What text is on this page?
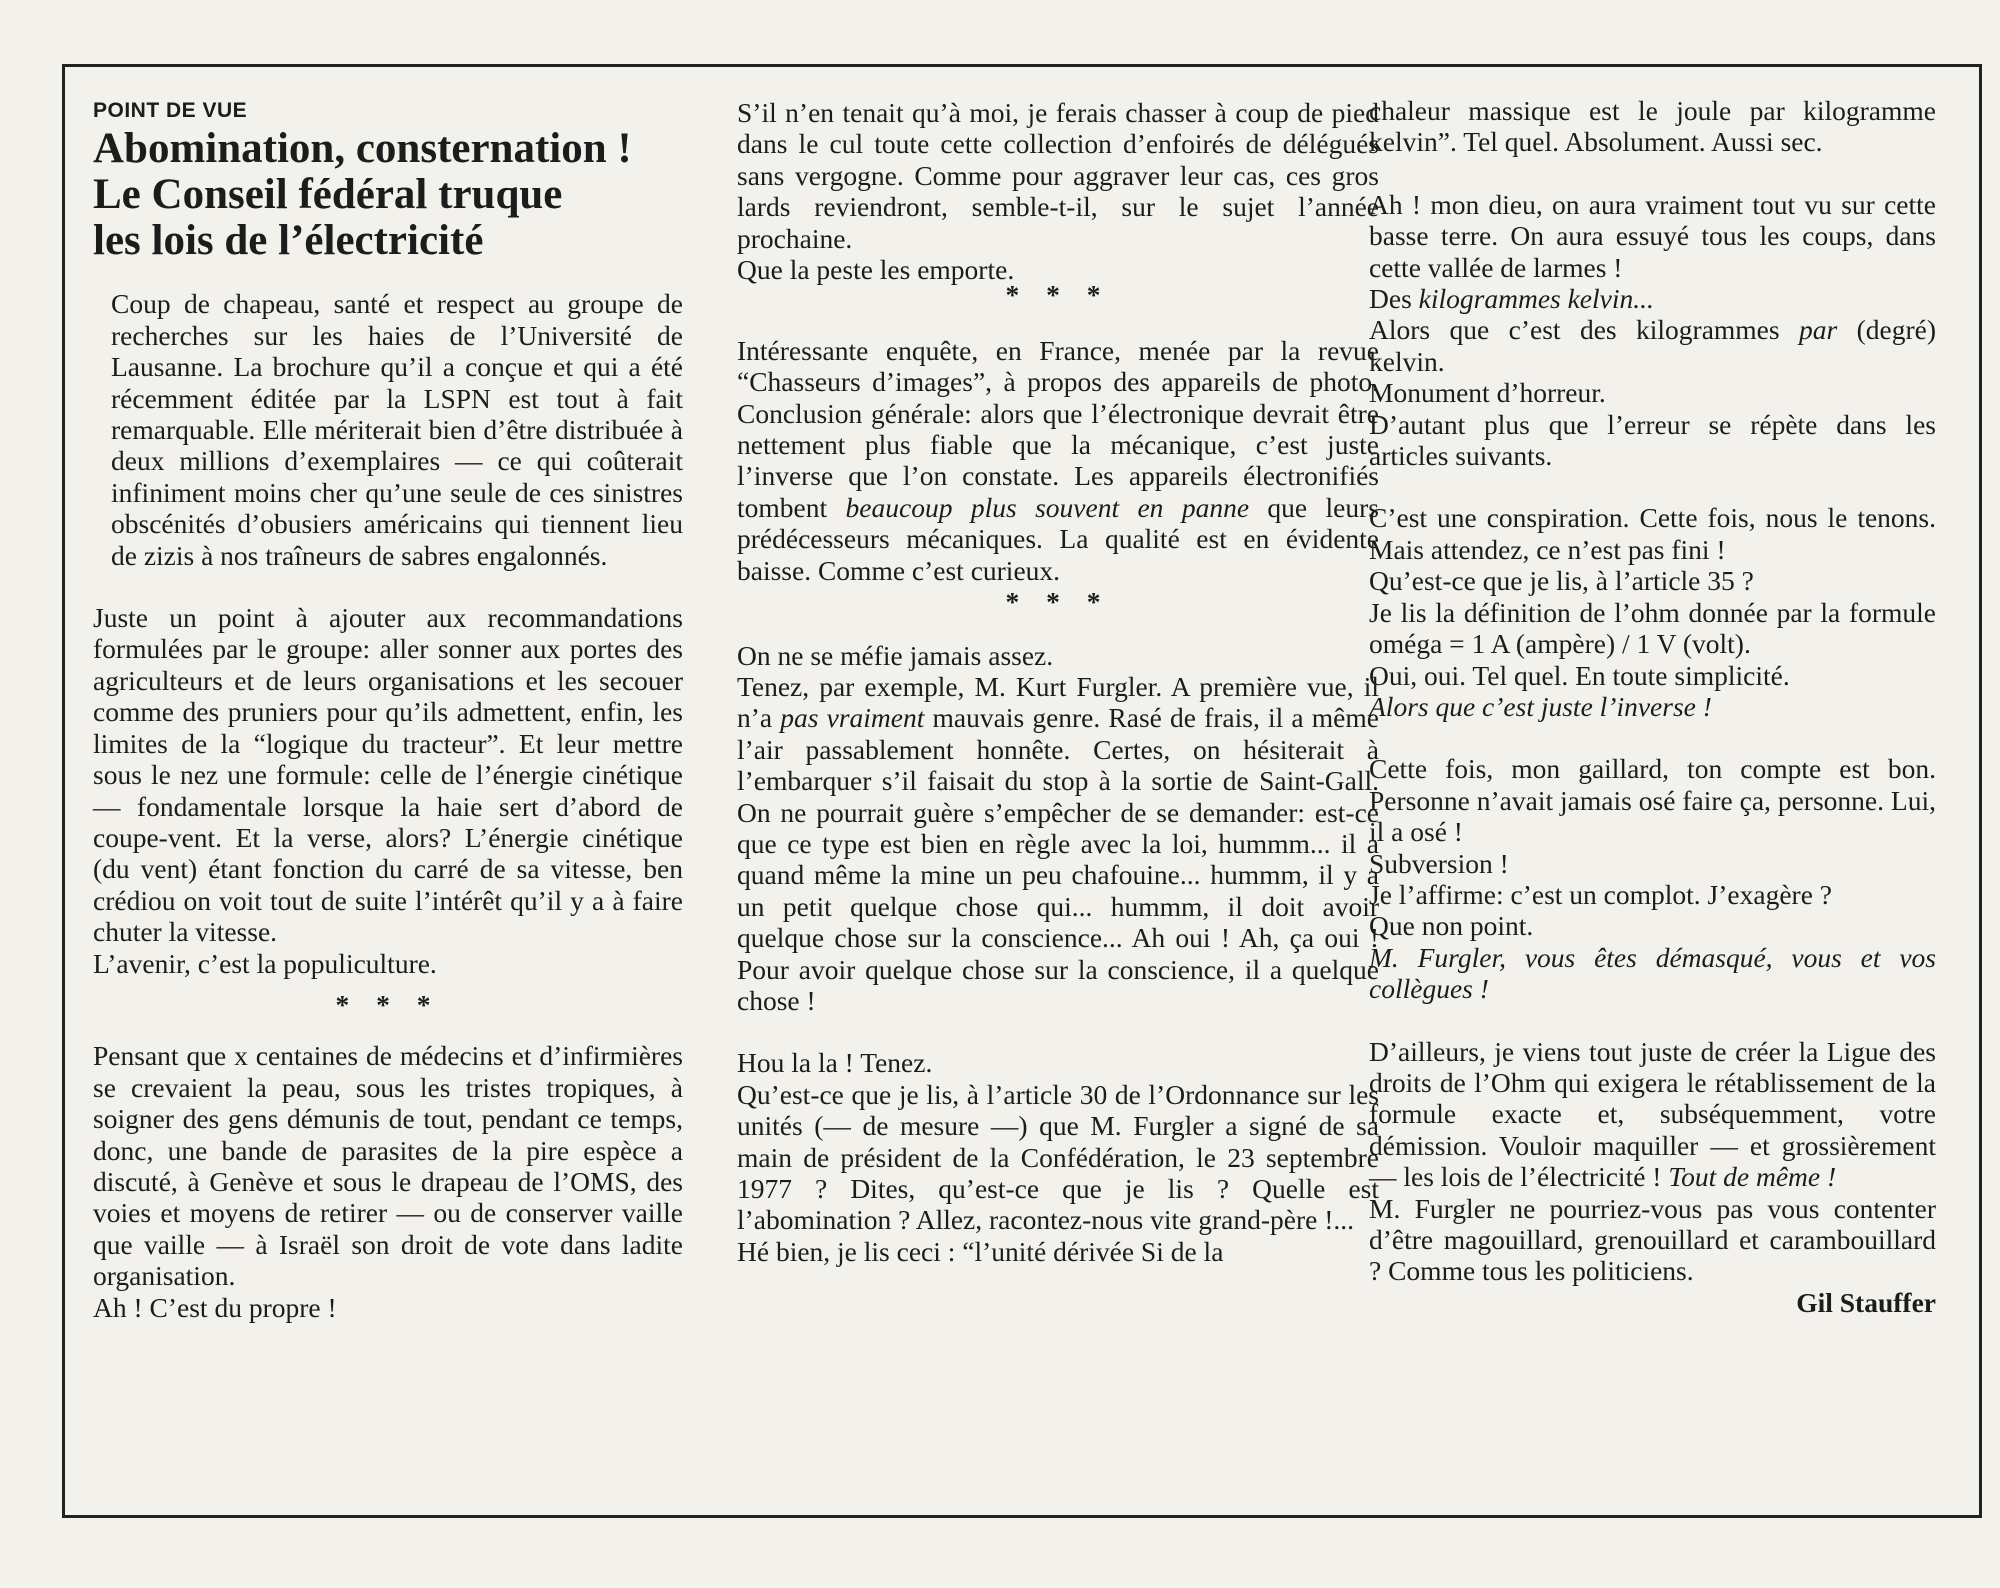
POINT DE VUE

Abomination, consternation !
Le Conseil fédéral truque
les lois de l’électricité

Coup de chapeau, santé et respect au groupe de recherches sur les haies de l’Université de Lausanne. La brochure qu’il a conçue et qui a été récemment éditée par la LSPN est tout à fait remarquable. Elle mériterait bien d’être distribuée à deux millions d’exemplaires — ce qui coûterait infiniment moins cher qu’une seule de ces sinistres obscénités d’obusiers américains qui tiennent lieu de zizis à nos traîneurs de sabres engalonnés.

Juste un point à ajouter aux recommandations formulées par le groupe: aller sonner aux portes des agriculteurs et de leurs organisations et les secouer comme des pruniers pour qu’ils admettent, enfin, les limites de la “logique du tracteur”. Et leur mettre sous le nez une formule: celle de l’énergie cinétique — fondamentale lorsque la haie sert d’abord de coupe-vent. Et la verse, alors? L’énergie cinétique (du vent) étant fonction du carré de sa vitesse, ben crédiou on voit tout de suite l’intérêt qu’il y a à faire chuter la vitesse.

L’avenir, c’est la populiculture.

* * *

Pensant que x centaines de médecins et d’infirmières se crevaient la peau, sous les tristes tropiques, à soigner des gens démunis de tout, pendant ce temps, donc, une bande de parasites de la pire espèce a discuté, à Genève et sous le drapeau de l’OMS, des voies et moyens de retirer — ou de conserver vaille que vaille — à Israël son droit de vote dans ladite organisation.

Ah ! C’est du propre !

S’il n’en tenait qu’à moi, je ferais chasser à coup de pied dans le cul toute cette collection d’enfoirés de délégués sans vergogne. Comme pour aggraver leur cas, ces gros lards reviendront, semble-t-il, sur le sujet l’année prochaine.

Que la peste les emporte.

* * *

Intéressante enquête, en France, menée par la revue “Chasseurs d’images”, à propos des appareils de photo. Conclusion générale: alors que l’électronique devrait être nettement plus fiable que la mécanique, c’est juste l’inverse que l’on constate. Les appareils électronifiés tombent beaucoup plus souvent en panne que leurs prédécesseurs mécaniques. La qualité est en évidente baisse. Comme c’est curieux.

* * *

On ne se méfie jamais assez.

Tenez, par exemple, M. Kurt Furgler. A première vue, il n’a pas vraiment mauvais genre. Rasé de frais, il a même l’air passablement honnête. Certes, on hésiterait à l’embarquer s’il faisait du stop à la sortie de Saint-Gall. On ne pourrait guère s’empêcher de se demander: est-ce que ce type est bien en règle avec la loi, hummm... il a quand même la mine un peu chafouine... hummm, il y a un petit quelque chose qui... hummm, il doit avoir quelque chose sur la conscience... Ah oui ! Ah, ça oui ! Pour avoir quelque chose sur la conscience, il a quelque chose !

Hou la la ! Tenez.

Qu’est-ce que je lis, à l’article 30 de l’Ordonnance sur les unités (— de mesure —) que M. Furgler a signé de sa main de président de la Confédération, le 23 septembre 1977 ? Dites, qu’est-ce que je lis ? Quelle est l’abomination ? Allez, racontez-nous vite grand-père !...

Hé bien, je lis ceci : “l’unité dérivée Si de la

chaleur massique est le joule par kilogramme kelvin”. Tel quel. Absolument. Aussi sec.

Ah ! mon dieu, on aura vraiment tout vu sur cette basse terre. On aura essuyé tous les coups, dans cette vallée de larmes !

Des kilogrammes kelvin...

Alors que c’est des kilogrammes par (degré) kelvin.

Monument d’horreur.

D’autant plus que l’erreur se répète dans les articles suivants.

C’est une conspiration. Cette fois, nous le tenons. Mais attendez, ce n’est pas fini !

Qu’est-ce que je lis, à l’article 35 ?

Je lis la définition de l’ohm donnée par la formule oméga = 1 A (ampère) / 1 V (volt).

Oui, oui. Tel quel. En toute simplicité.

Alors que c’est juste l’inverse !

Cette fois, mon gaillard, ton compte est bon. Personne n’avait jamais osé faire ça, personne. Lui, il a osé !

Subversion !

Je l’affirme: c’est un complot. J’exagère ?

Que non point.

M. Furgler, vous êtes démasqué, vous et vos collègues !

D’ailleurs, je viens tout juste de créer la Ligue des droits de l’Ohm qui exigera le rétablissement de la formule exacte et, subséquemment, votre démission. Vouloir maquiller — et grossièrement — les lois de l’électricité ! Tout de même !

M. Furgler ne pourriez-vous pas vous contenter d’être magouillard, grenouillard et carambouillard ? Comme tous les politiciens.

Gil Stauffer
